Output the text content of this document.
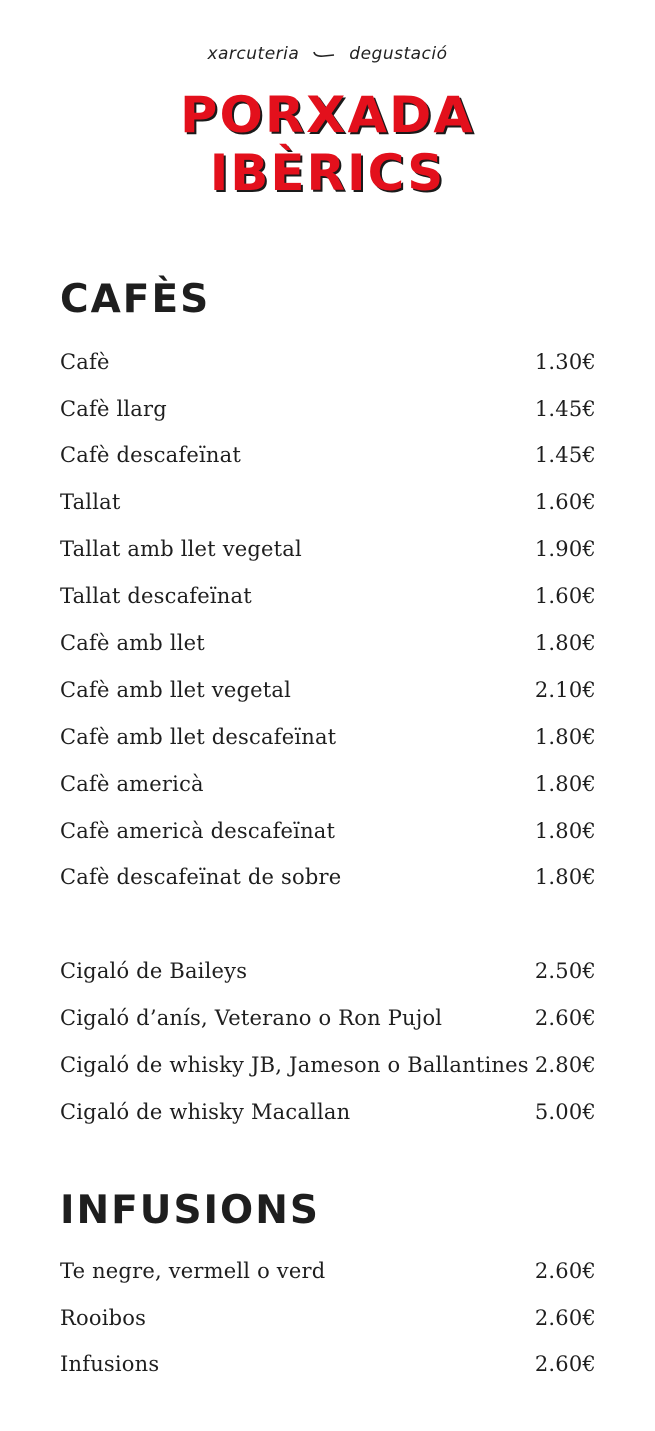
xarcuteria	degustació
PORXADA
IBÈRICS
CAFÈS
Cafè	1.30€
Cafè llarg	1.45€
Cafè descafeïnat	1.45€
Tallat	1.60€
Tallat amb llet vegetal	1.90€
Tallat descafeïnat	1.60€
Cafè amb llet	1.80€
Cafè amb llet vegetal	2.10€
Cafè amb llet descafeïnat	1.80€
Cafè americà	1.80€
Cafè americà descafeïnat	1.80€
Cafè descafeïnat de sobre	1.80€
Cigaló de Baileys	2.50€
Cigaló d’anís, Veterano o Ron Pujol	2.60€
Cigaló de whisky JB, Jameson o Ballantines 2.80€
Cigaló de whisky Macallan	5.00€
INFUSIONS
Te negre, vermell o verd	2.60€
Rooibos	2.60€
Infusions	2.60€
